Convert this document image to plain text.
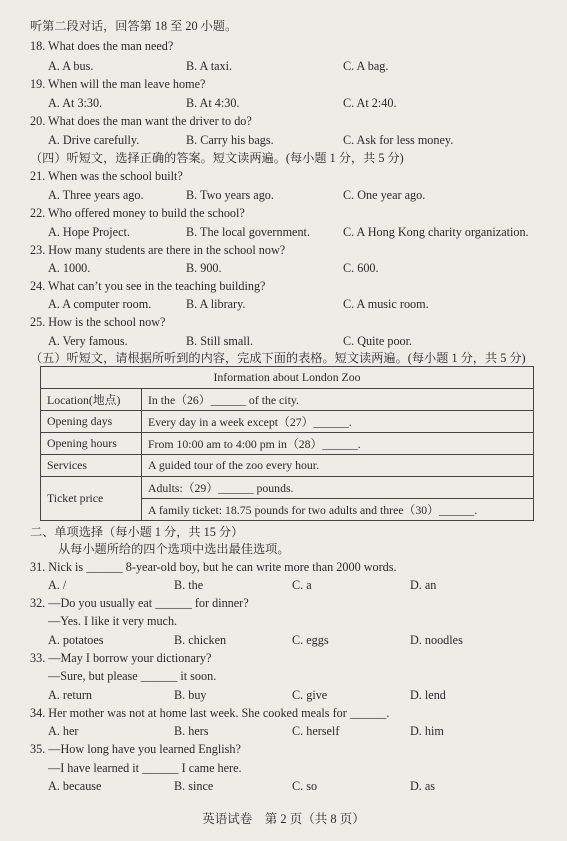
听第二段对话，回答第 18 至 20 小题。
18. What does the man need?
A. A bus.	B. A taxi.	C. A bag.
19. When will the man leave home?
A. At 3:30.	B. At 4:30.	C. At 2:40.
20. What does the man want the driver to do?
A. Drive carefully.	B. Carry his bags.	C. Ask for less money.
（四）听短文，选择正确的答案。短文读两遍。(每小题 1 分，共 5 分)
21. When was the school built?
A. Three years ago.	B. Two years ago.	C. One year ago.
22. Who offered money to build the school?
A. Hope Project.	B. The local government.	C. A Hong Kong charity organization.
23. How many students are there in the school now?
A. 1000.	B. 900.	C. 600.
24. What can’t you see in the teaching building?
A. A computer room.	B. A library.	C. A music room.
25. How is the school now?
A. Very famous.	B. Still small.	C. Quite poor.
（五）听短文，请根据所听到的内容，完成下面的表格。短文读两遍。(每小题 1 分，共 5 分)
Information about London Zoo	
Location(地点)	In the（26）______ of the city.
Opening days	Every day in a week except（27）______.
Opening hours	From 10:00 am to 4:00 pm in（28）______.
Services	A guided tour of the zoo every hour.
Ticket price	Adults:（29）______ pounds.
	A family ticket: 18.75 pounds for two adults and three（30）______.
二、单项选择（每小题 1 分，共 15 分）
从每小题所给的四个选项中选出最佳选项。
31. Nick is ______ 8-year-old boy, but he can write more than 2000 words.
A. /	B. the	C. a	D. an
32. —Do you usually eat ______ for dinner?
—Yes. I like it very much.
A. potatoes	B. chicken	C. eggs	D. noodles
33. —May I borrow your dictionary?
—Sure, but please ______ it soon.
A. return	B. buy	C. give	D. lend
34. Her mother was not at home last week. She cooked meals for ______.
A. her	B. hers	C. herself	D. him
35. —How long have you learned English?
—I have learned it ______ I came here.
A. because	B. since	C. so	D. as
英语试卷　第 2 页（共 8 页）
